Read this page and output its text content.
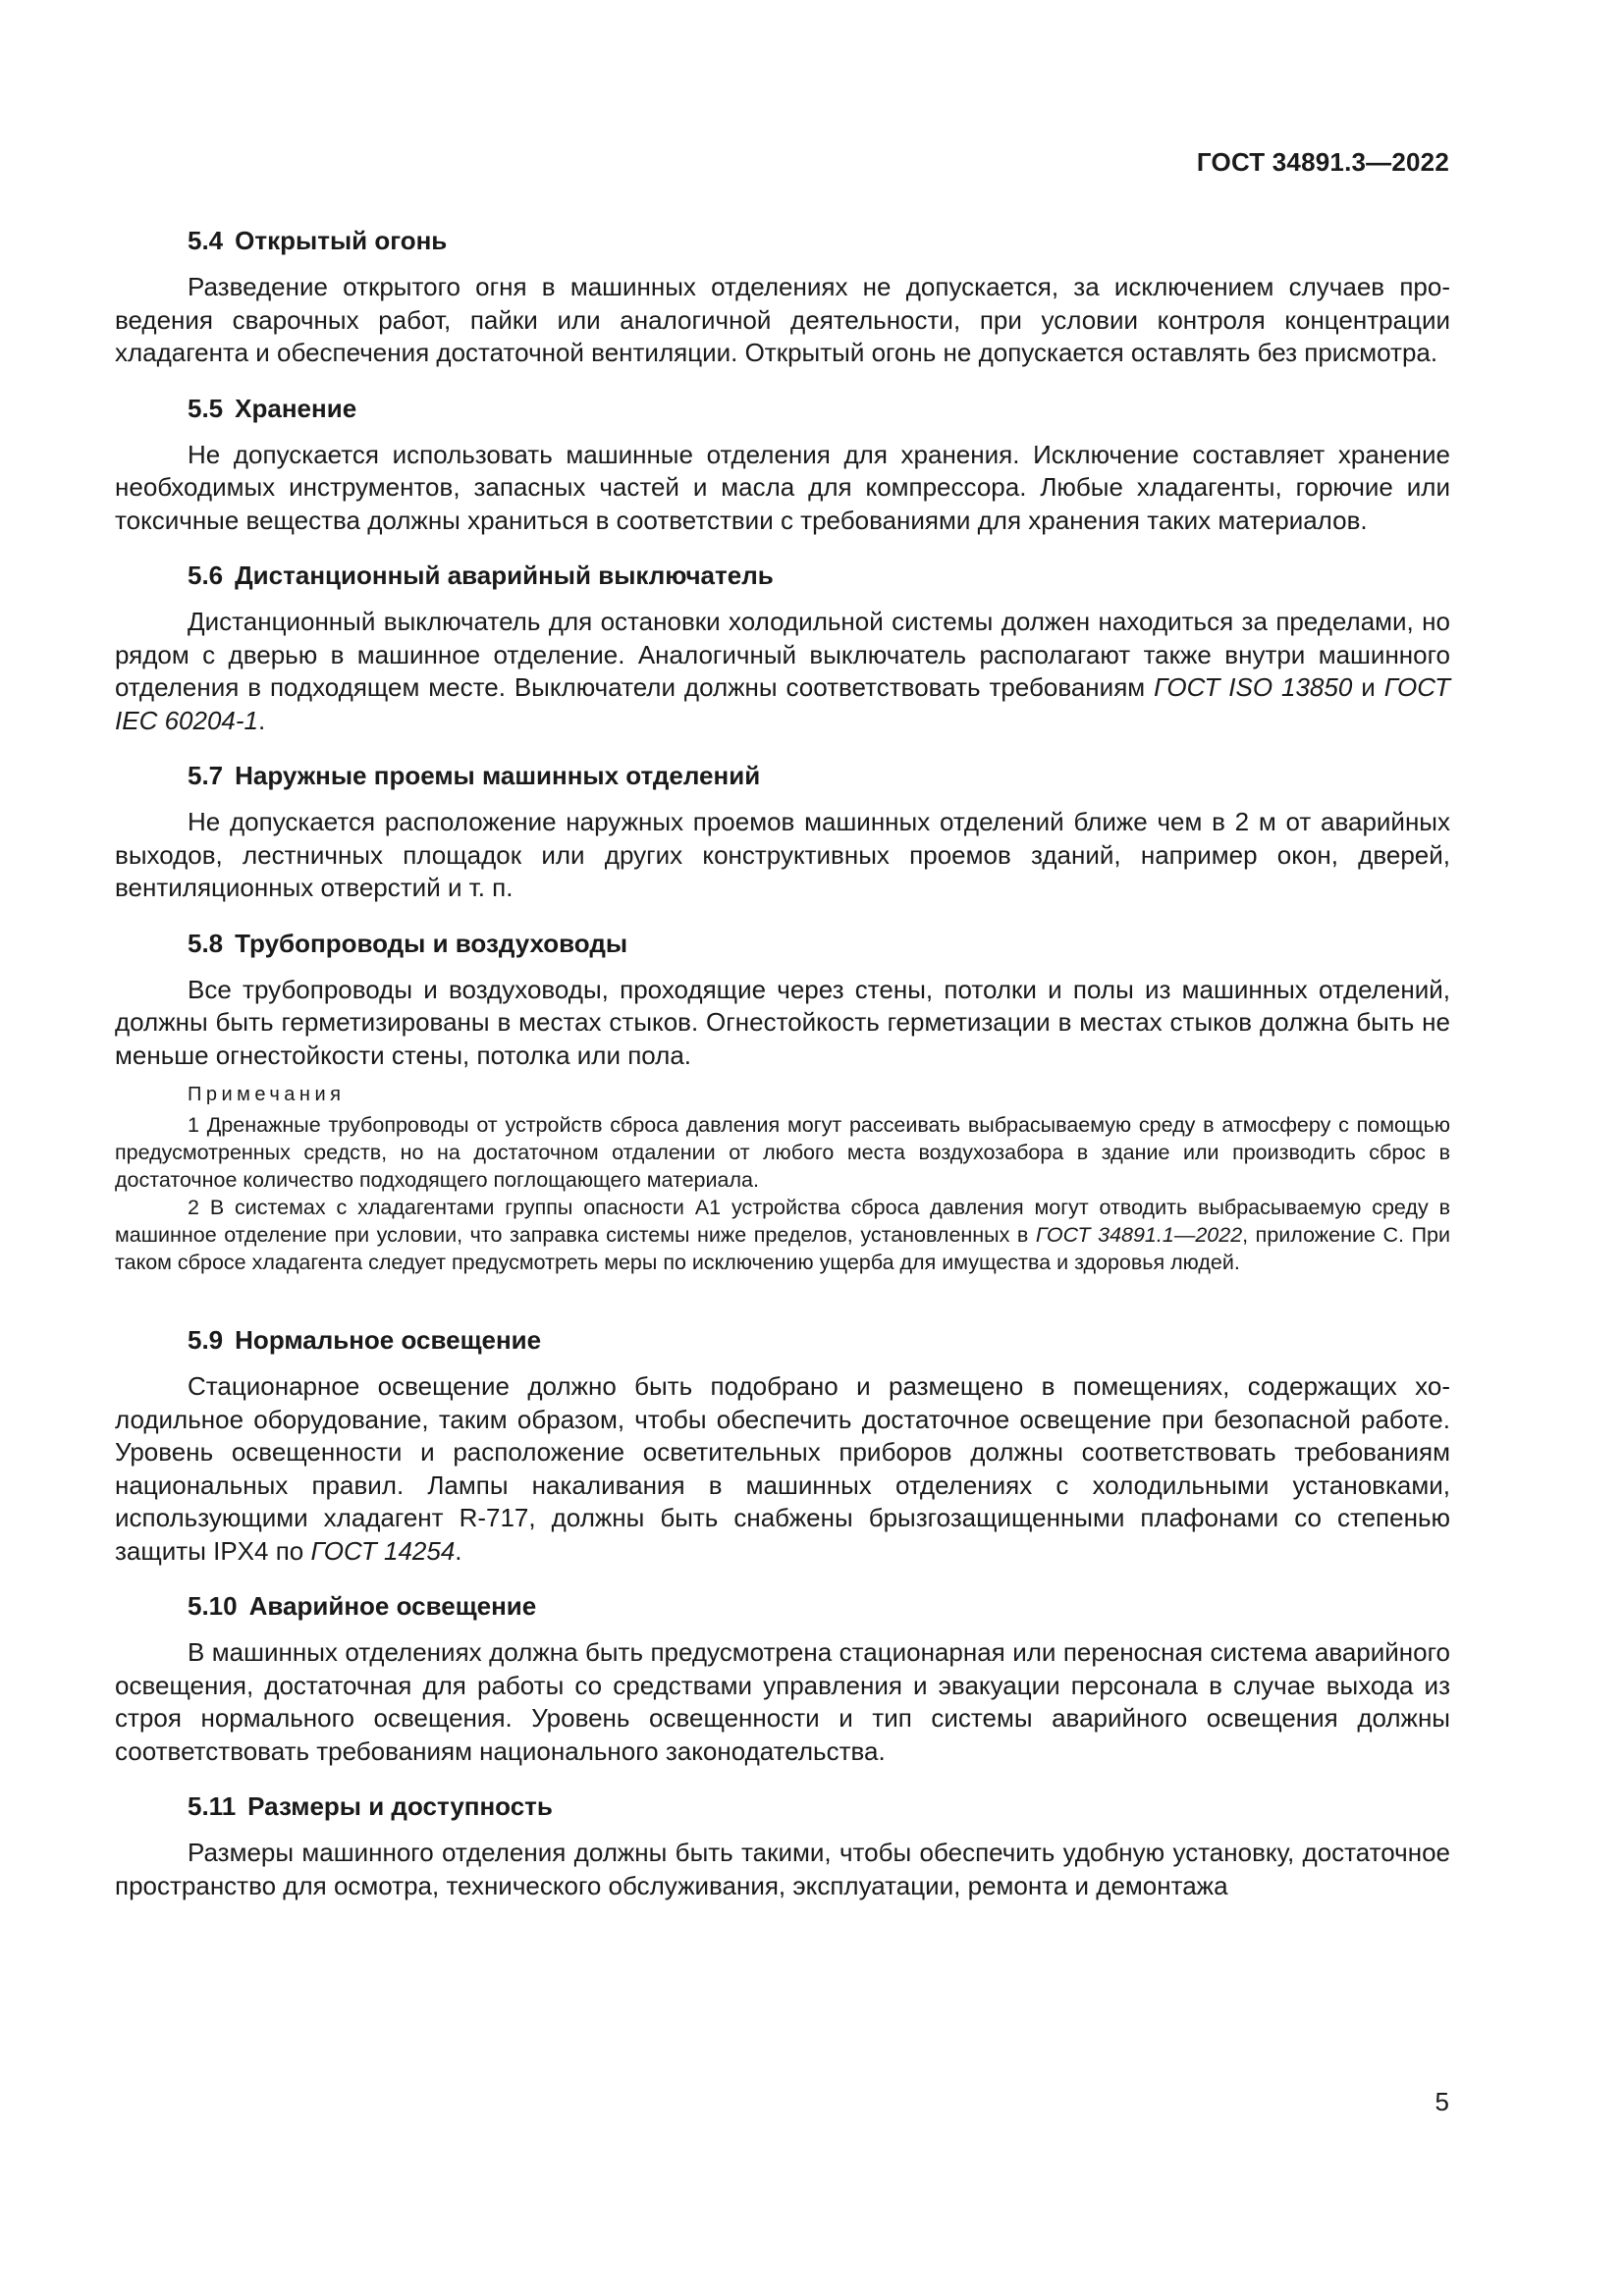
ГОСТ 34891.3—2022
5.4 Открытый огонь

Разведение открытого огня в машинных отделениях не допускается, за исключением случаев проведения сварочных работ, пайки или аналогичной деятельности, при условии контроля концентрации хладагента и обеспечения достаточной вентиляции. Открытый огонь не допускается оставлять без присмотра.

5.5 Хранение

Не допускается использовать машинные отделения для хранения. Исключение составляет хранение необходимых инструментов, запасных частей и масла для компрессора. Любые хладагенты, горючие или токсичные вещества должны храниться в соответствии с требованиями для хранения таких материалов.

5.6 Дистанционный аварийный выключатель

Дистанционный выключатель для остановки холодильной системы должен находиться за пределами, но рядом с дверью в машинное отделение. Аналогичный выключатель располагают также внутри машинного отделения в подходящем месте. Выключатели должны соответствовать требованиям ГОСТ ISO 13850 и ГОСТ IEC 60204-1.

5.7 Наружные проемы машинных отделений

Не допускается расположение наружных проемов машинных отделений ближе чем в 2 м от аварийных выходов, лестничных площадок или других конструктивных проемов зданий, например окон, дверей, вентиляционных отверстий и т. п.

5.8 Трубопроводы и воздуховоды

Все трубопроводы и воздуховоды, проходящие через стены, потолки и полы из машинных отделений, должны быть герметизированы в местах стыков. Огнестойкость герметизации в местах стыков должна быть не меньше огнестойкости стены, потолка или пола.

Примечания

1 Дренажные трубопроводы от устройств сброса давления могут рассеивать выбрасываемую среду в атмосферу с помощью предусмотренных средств, но на достаточном отдалении от любого места воздухозабора в здание или производить сброс в достаточное количество подходящего поглощающего материала.

2 В системах с хладагентами группы опасности А1 устройства сброса давления могут отводить выбрасываемую среду в машинное отделение при условии, что заправка системы ниже пределов, установленных в ГОСТ 34891.1—2022, приложение С. При таком сбросе хладагента следует предусмотреть меры по исключению ущерба для имущества и здоровья людей.

5.9 Нормальное освещение

Стационарное освещение должно быть подобрано и размещено в помещениях, содержащих холодильное оборудование, таким образом, чтобы обеспечить достаточное освещение при безопасной работе. Уровень освещенности и расположение осветительных приборов должны соответствовать требованиям национальных правил. Лампы накаливания в машинных отделениях с холодильными установками, использующими хладагент R-717, должны быть снабжены брызгозащищенными плафонами со степенью защиты IPX4 по ГОСТ 14254.

5.10 Аварийное освещение

В машинных отделениях должна быть предусмотрена стационарная или переносная система аварийного освещения, достаточная для работы со средствами управления и эвакуации персонала в случае выхода из строя нормального освещения. Уровень освещенности и тип системы аварийного освещения должны соответствовать требованиям национального законодательства.

5.11 Размеры и доступность

Размеры машинного отделения должны быть такими, чтобы обеспечить удобную установку, достаточное пространство для осмотра, технического обслуживания, эксплуатации, ремонта и демонтажа

5
